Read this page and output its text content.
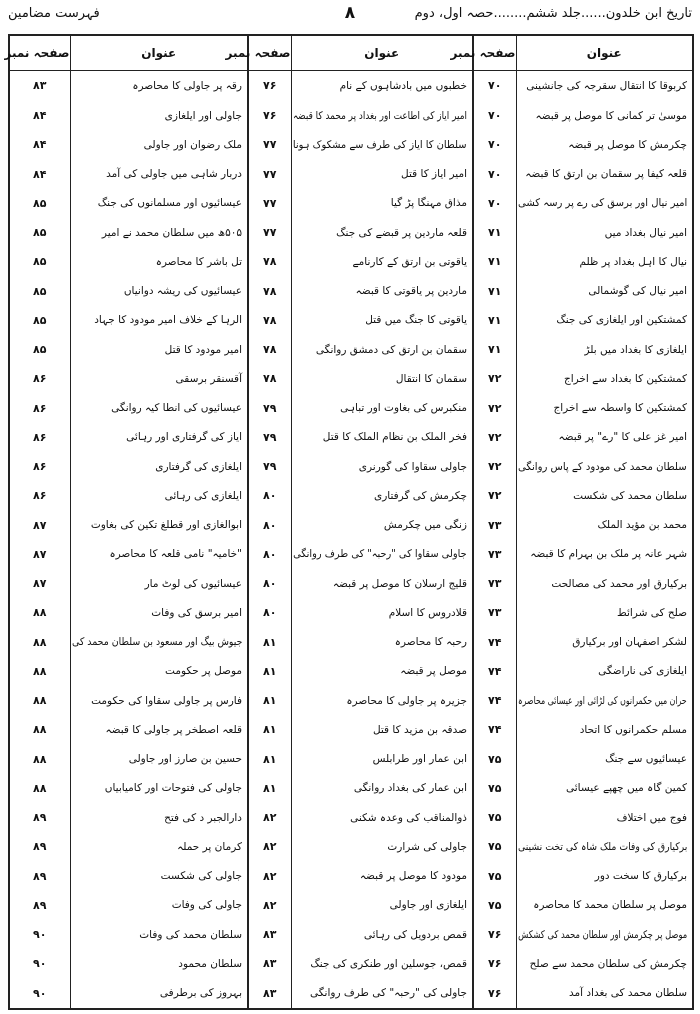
تاریخ ابن خلدون......جلد ششم........حصہ اول، دوم
۸
فہرست مضامین
عنوان	صفحہ نمبر	عنوان	صفحہ نمبر	عنوان	صفحہ نمبر
کربوقا کا انتقال سقرجہ کی جانشینی	۷۰	خطبوں میں بادشاہوں کے نام	۷۶	رقہ پر جاولی کا محاصرہ	۸۳
موسیٰ تر کمانی کا موصل پر قبضہ	۷۰	امیر ایاز کی اطاعت اور بغداد پر محمد کا قبضہ	۷۶	جاولی اور ایلغازی	۸۴
چکرمش کا موصل پر قبضہ	۷۰	سلطان کا ایاز کی طرف سے مشکوک ہونا	۷۷	ملک رضوان اور جاولی	۸۴
قلعہ کیفا پر سقمان بن ارتق کا قبضہ	۷۰	امیر ایاز کا قتل	۷۷	دربار شاہی میں جاولی کی آمد	۸۴
امیر نیال اور برسق کی رے پر رسہ کشی	۷۰	مذاق مہنگا پڑ گیا	۷۷	عیسائیوں اور مسلمانوں کی جنگ	۸۵
امیر نیال بغداد میں	۷۱	قلعہ ماردین پر قبضے کی جنگ	۷۷	۵۰۵ھ میں سلطان محمد نے امیر	۸۵
نیال کا اہل بغداد پر ظلم	۷۱	یاقوتی بن ارتق کے کارنامے	۷۸	تل باشر کا محاصرہ	۸۵
امیر نیال کی گوشمالی	۷۱	ماردین پر یاقوتی کا قبضہ	۷۸	عیسائیوں کی ریشہ دوانیاں	۸۵
کمشتکین اور ایلغازی کی جنگ	۷۱	یاقوتی کا جنگ میں قتل	۷۸	الرہا کے خلاف امیر مودود کا جہاد	۸۵
ایلغازی کا بغداد میں بلڑ	۷۱	سقمان بن ارتق کی دمشق روانگی	۷۸	امیر مودود کا قتل	۸۵
کمشتکین کا بغداد سے اخراج	۷۲	سقمان کا انتقال	۷۸	آقسنقر برسقی	۸۶
کمشتکین کا واسطہ سے اخراج	۷۲	منکبرس کی بغاوت اور تباہی	۷۹	عیسائیوں کی انطا کیہ روانگی	۸۶
امیر غز علی کا "رے" پر قبضہ	۷۲	فخر الملک بن نظام الملک کا قتل	۷۹	ایاز کی گرفتاری اور رہائی	۸۶
سلطان محمد کی مودود کے پاس روانگی	۷۲	جاولی سقاوا کی گورنری	۷۹	ایلغازی کی گرفتاری	۸۶
سلطان محمد کی شکست	۷۲	چکرمش کی گرفتاری	۸۰	ایلغازی کی رہائی	۸۶
محمد بن مؤید الملک	۷۳	زنگی میں چکرمش	۸۰	ابوالغازی اور قطلغ تکین کی بغاوت	۸۷
شہر عانہ پر ملک بن بہرام کا قبضہ	۷۳	جاولی سقاوا کی "رحبہ" کی طرف روانگی	۸۰	"خامیہ" نامی قلعہ کا محاصرہ	۸۷
برکیارق اور محمد کی مصالحت	۷۳	قلیج ارسلان کا موصل پر قبضہ	۸۰	عیسائیوں کی لوٹ مار	۸۷
صلح کی شرائط	۷۳	قلادروس کا اسلام	۸۰	امیر برسق کی وفات	۸۸
لشکر اصفہان اور برکیارق	۷۴	رحبہ کا محاصرہ	۸۱	جیوش بیگ اور مسعود بن سلطان محمد کی	۸۸
ایلغازی کی ناراضگی	۷۴	موصل پر قبضہ	۸۱	موصل پر حکومت	۸۸
حران میں حکمرانوں کی لڑائی اور عیسائی محاصرہ	۷۴	جزیرہ پر جاولی کا محاصرہ	۸۱	فارس پر جاولی سقاوا کی حکومت	۸۸
مسلم حکمرانوں کا اتحاد	۷۴	صدقہ بن مزید کا قتل	۸۱	قلعہ اصطخر پر جاولی کا قبضہ	۸۸
عیسائیوں سے جنگ	۷۵	ابن عمار اور طرابلس	۸۱	حسین بن صارز اور جاولی	۸۸
کمین گاہ میں چھپے عیسائی	۷۵	ابن عمار کی بغداد روانگی	۸۱	جاولی کی فتوحات اور کامیابیاں	۸۸
فوج میں اختلاف	۷۵	ذوالمناقب کی وعدہ شکنی	۸۲	دارالجبر د کی فتح	۸۹
برکیارق کی وفات ملک شاہ کی تخت نشینی	۷۵	جاولی کی شرارت	۸۲	کرمان پر حملہ	۸۹
برکیارق کا سخت دور	۷۵	مودود کا موصل پر قبضہ	۸۲	جاولی کی شکست	۸۹
موصل پر سلطان محمد کا محاصرہ	۷۵	ایلغازی اور جاولی	۸۲	جاولی کی وفات	۸۹
موصل پر چکرمش اور سلطان محمد کی کشکش	۷۶	قمص بردویل کی رہائی	۸۳	سلطان محمد کی وفات	۹۰
چکرمش کی سلطان محمد سے صلح	۷۶	قمص، جوسلین اور طنکری کی جنگ	۸۳	سلطان محمود	۹۰
سلطان محمد کی بغداد آمد	۷۶	جاولی کی "رحبہ" کی طرف روانگی	۸۳	بہروز کی برطرفی	۹۰
